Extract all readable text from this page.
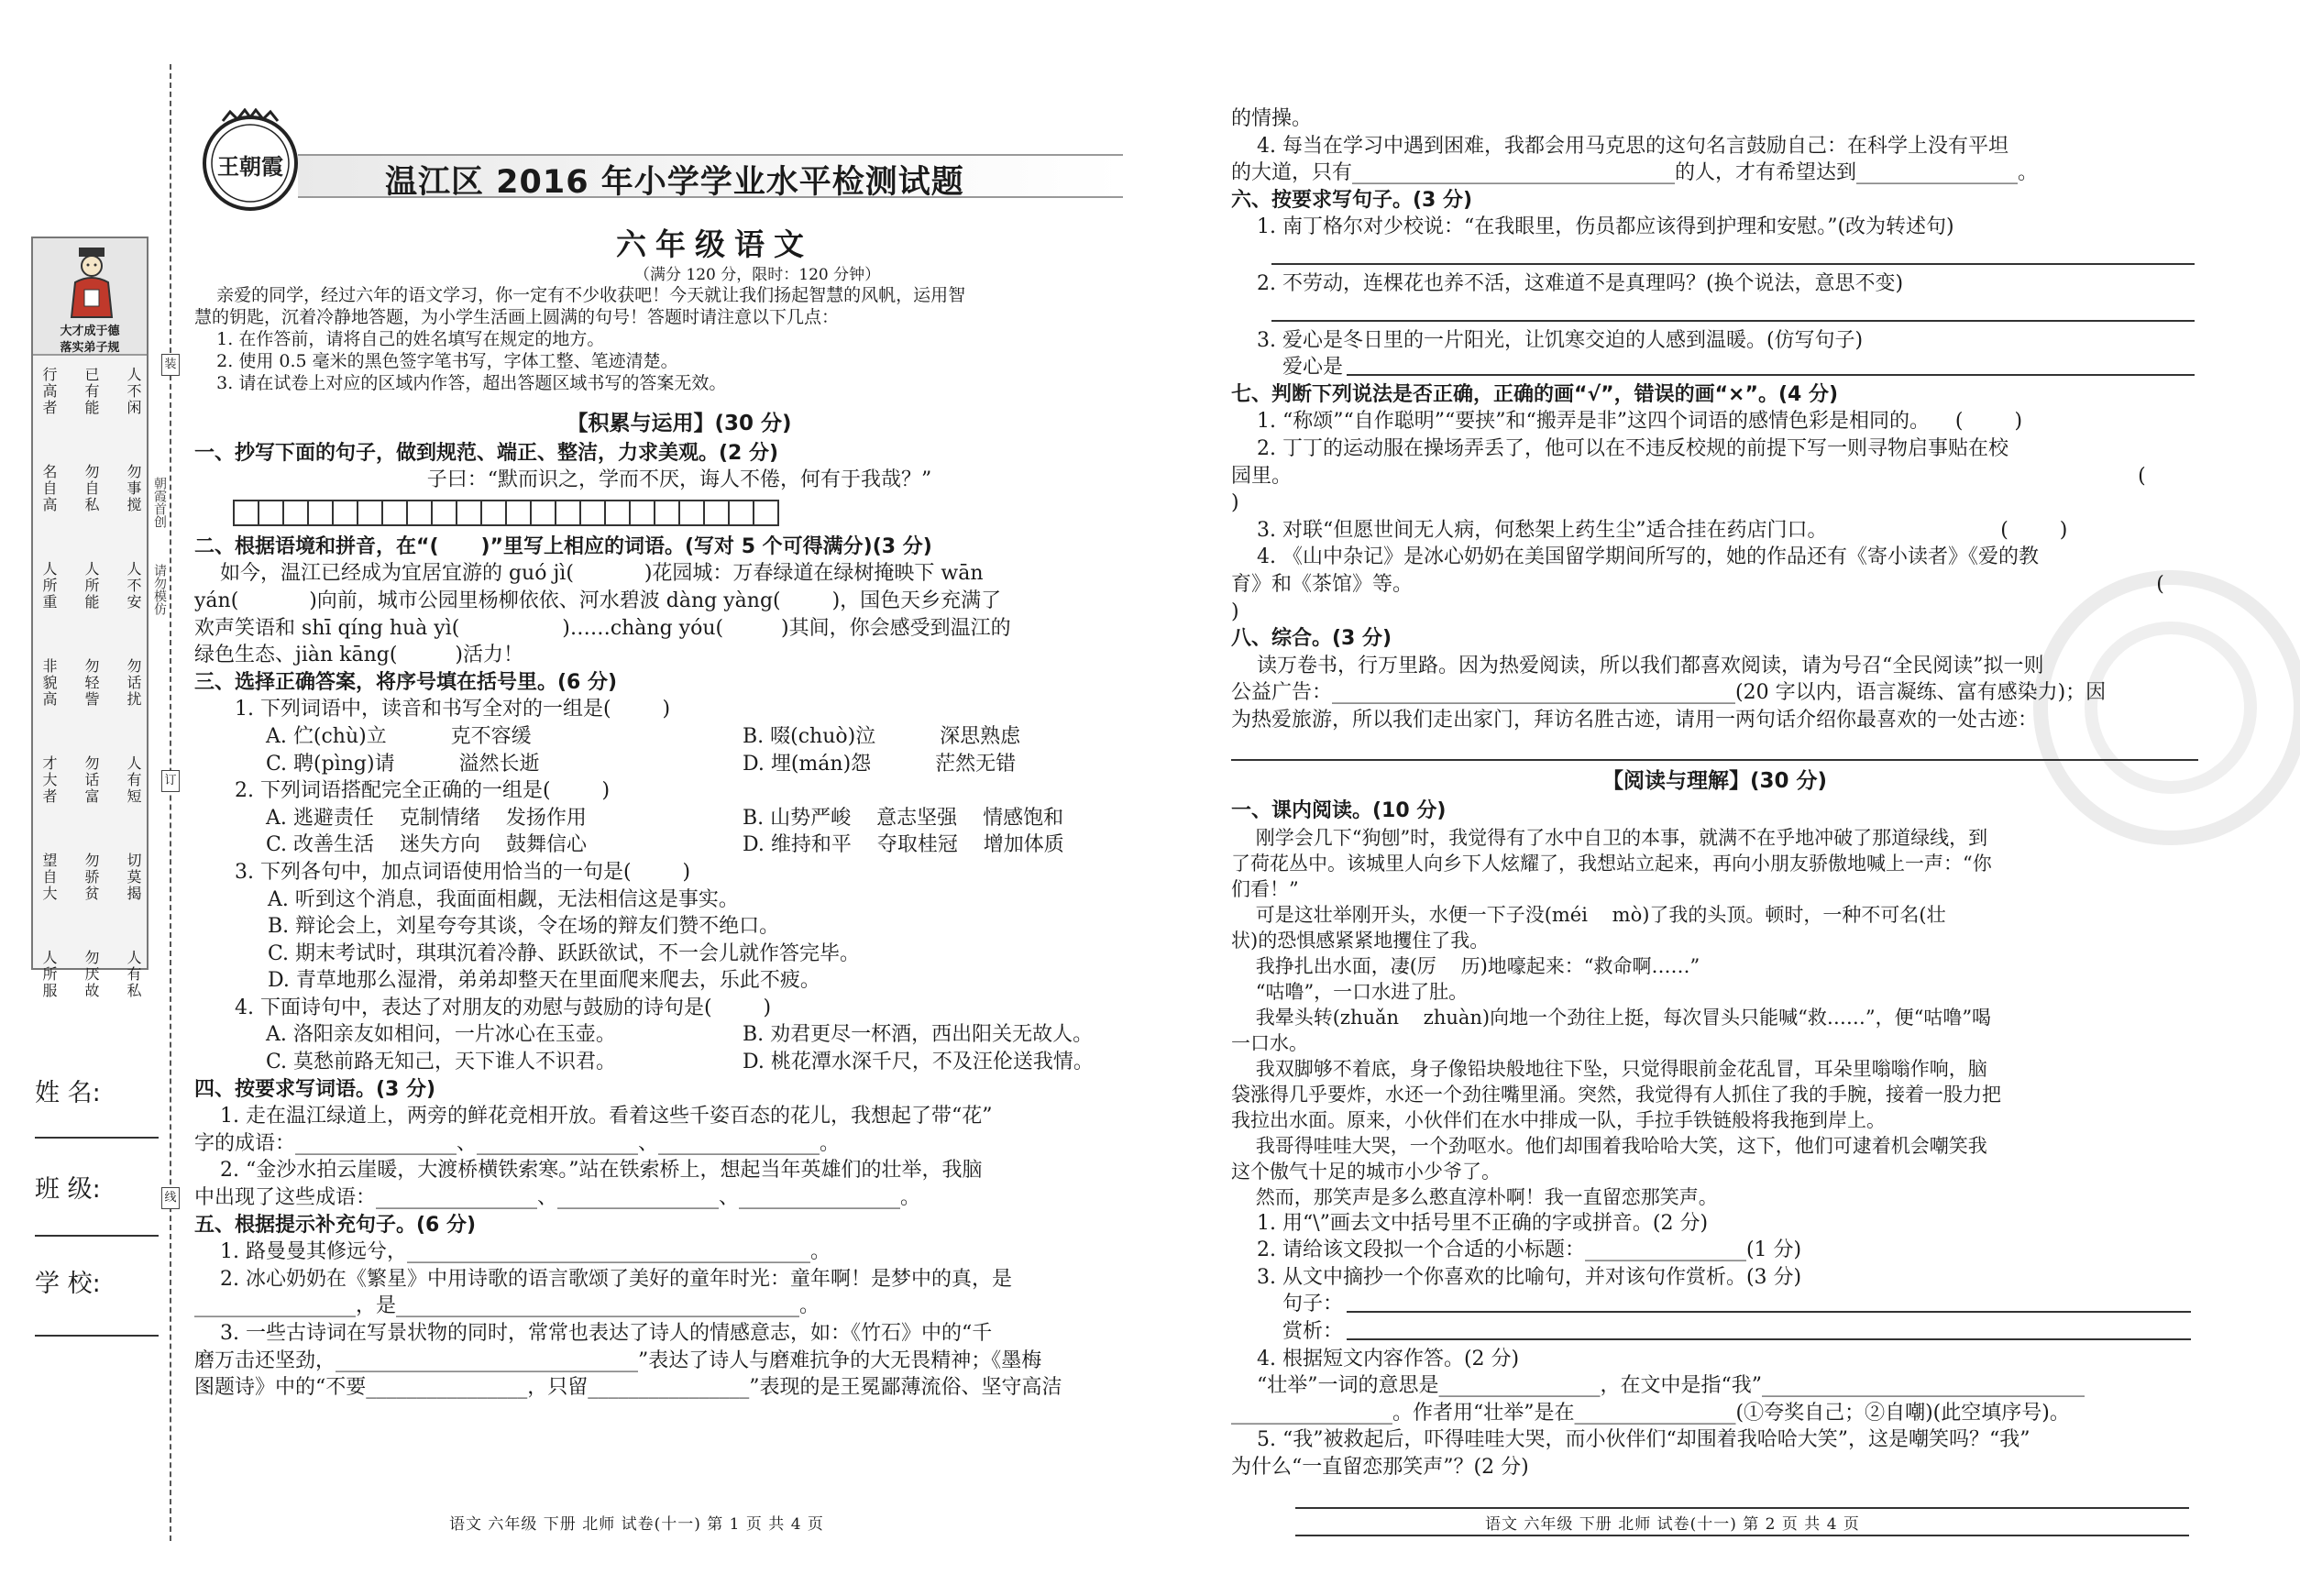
大才成于德
落实弟子规
人不闲
已有能
行高者
勿事搅
勿自私
名自高
人不安
人所能
人所重
勿话扰
勿轻訾
非貌高
人有短
勿话富
才大者
切莫揭
勿骄贫
望自大
人有私
勿厌故
人所服
朝霞首创
请勿模仿
装
订
线
姓 名:
班 级:
学 校:
王朝霞	温江区 2016 年小学学业水平检测试题
六年级语文
（满分 120 分，限时：120 分钟）
亲爱的同学，经过六年的语文学习，你一定有不少收获吧！今天就让我们扬起智慧的风帆，运用智
慧的钥匙，沉着冷静地答题，为小学生活画上圆满的句号！答题时请注意以下几点：
1. 在作答前，请将自己的姓名填写在规定的地方。
2. 使用 0.5 毫米的黑色签字笔书写，字体工整、笔迹清楚。
3. 请在试卷上对应的区域内作答，超出答题区域书写的答案无效。
【积累与运用】(30 分)
一、抄写下面的句子，做到规范、端正、整洁，力求美观。(2 分)
子曰：“默而识之，学而不厌，诲人不倦，何有于我哉？”
二、根据语境和拼音，在“(      )”里写上相应的词语。(写对 5 个可得满分)(3 分)
如今，温江已经成为宜居宜游的 guó jì(           )花园城：万春绿道在绿树掩映下 wān
yán(           )向前，城市公园里杨柳依依、河水碧波 dàng yàng(        )，国色天乡充满了
欢声笑语和 shī qíng huà yì(                )……chàng yóu(         )其间，你会感受到温江的
绿色生态、jiàn kāng(         )活力！
三、选择正确答案，将序号填在括号里。(6 分)
1. 下列词语中，读音和书写全对的一组是(        )
A. 伫(chù)立          克不容缓	B. 啜(chuò)泣          深思熟虑
C. 聘(pìng)请          溢然长逝	D. 埋(mán)怨          茫然无错
2. 下列词语搭配完全正确的一组是(        )
A. 逃避责任    克制情绪    发扬作用	B. 山势严峻    意志坚强    情感饱和
C. 改善生活    迷失方向    鼓舞信心	D. 维持和平    夺取桂冠    增加体质
3. 下列各句中，加点词语使用恰当的一句是(        )
A. 听到这个消息，我面面相觑，无法相信这是事实。
B. 辩论会上，刘星夸夸其谈，令在场的辩友们赞不绝口。
C. 期末考试时，琪琪沉着冷静、跃跃欲试，不一会儿就作答完毕。
D. 青草地那么湿滑，弟弟却整天在里面爬来爬去，乐此不疲。
4. 下面诗句中，表达了对朋友的劝慰与鼓励的诗句是(        )
A. 洛阳亲友如相问，一片冰心在玉壶。	B. 劝君更尽一杯酒，西出阳关无故人。
C. 莫愁前路无知己，天下谁人不识君。	D. 桃花潭水深千尺，不及汪伦送我情。
四、按要求写词语。(3 分)
1. 走在温江绿道上，两旁的鲜花竞相开放。看着这些千姿百态的花儿，我想起了带“花”
字的成语：________________、________________、________________。
2. “金沙水拍云崖暖，大渡桥横铁索寒。”站在铁索桥上，想起当年英雄们的壮举，我脑
中出现了这些成语：________________、________________、________________。
五、根据提示补充句子。(6 分)
1. 路曼曼其修远兮，________________________________________。
2. 冰心奶奶在《繁星》中用诗歌的语言歌颂了美好的童年时光：童年啊！是梦中的真，是
________________，是________________________________________。
3. 一些古诗词在写景状物的同时，常常也表达了诗人的情感意志，如：《竹石》中的“千
磨万击还坚劲，______________________________”表达了诗人与磨难抗争的大无畏精神；《墨梅
图题诗》中的“不要________________，只留________________”表现的是王冕鄙薄流俗、坚守高洁
语文 六年级 下册 北师 试卷(十一) 第 1 页 共 4 页
的情操。
4. 每当在学习中遇到困难，我都会用马克思的这句名言鼓励自己：在科学上没有平坦
的大道，只有________________________________的人，才有希望达到________________。
六、按要求写句子。(3 分)
1. 南丁格尔对少校说：“在我眼里，伤员都应该得到护理和安慰。”(改为转述句)
2. 不劳动，连棵花也养不活，这难道不是真理吗？(换个说法，意思不变)
3. 爱心是冬日里的一片阳光，让饥寒交迫的人感到温暖。(仿写句子)
爱心是
七、判断下列说法是否正确，正确的画“√”，错误的画“×”。(4 分)
1. “称颂”“自作聪明”“要挟”和“搬弄是非”这四个词语的感情色彩是相同的。    (        )
2. 丁丁的运动服在操场弄丢了，他可以在不违反校规的前提下写一则寻物启事贴在校
园里。                                                                                                                                    (        )
3. 对联“但愿世间无人病，何愁架上药生尘”适合挂在药店门口。                           (        )
4. 《山中杂记》是冰心奶奶在美国留学期间所写的，她的作品还有《寄小读者》《爱的教
育》和《茶馆》等。                                                                                                                    (        )
八、综合。(3 分)
读万卷书，行万里路。因为热爱阅读，所以我们都喜欢阅读，请为号召“全民阅读”拟一则
公益广告：________________________________________(20 字以内，语言凝练、富有感染力)；因
为热爱旅游，所以我们走出家门，拜访名胜古迹，请用一两句话介绍你最喜欢的一处古迹：
【阅读与理解】(30 分)
一、课内阅读。(10 分)
刚学会几下“狗刨”时，我觉得有了水中自卫的本事，就满不在乎地冲破了那道绿线，到
了荷花丛中。该城里人向乡下人炫耀了，我想站立起来，再向小朋友骄傲地喊上一声：“你
们看！”
可是这壮举刚开头，水便一下子没(méi    mò)了我的头顶。顿时，一种不可名(壮
状)的恐惧感紧紧地攫住了我。
我挣扎出水面，凄(厉    历)地嚎起来：“救命啊……”
“咕噜”，一口水进了肚。
我晕头转(zhuǎn    zhuàn)向地一个劲往上挺，每次冒头只能喊“救……”，便“咕噜”喝
一口水。
我双脚够不着底，身子像铅块般地往下坠，只觉得眼前金花乱冒，耳朵里嗡嗡作响，脑
袋涨得几乎要炸，水还一个劲往嘴里涌。突然，我觉得有人抓住了我的手腕，接着一股力把
我拉出水面。原来，小伙伴们在水中排成一队，手拉手铁链般将我拖到岸上。
我哥得哇哇大哭，一个劲呕水。他们却围着我哈哈大笑，这下，他们可逮着机会嘲笑我
这个傲气十足的城市小少爷了。
然而，那笑声是多么憨直淳朴啊！我一直留恋那笑声。
1. 用“\”画去文中括号里不正确的字或拼音。(2 分)
2. 请给该文段拟一个合适的小标题：________________(1 分)
3. 从文中摘抄一个你喜欢的比喻句，并对该句作赏析。(3 分)
句子：
赏析：
4. 根据短文内容作答。(2 分)
“壮举”一词的意思是________________，在文中是指“我”________________________________
________________。作者用“壮举”是在________________(①夸奖自己；②自嘲)(此空填序号)。
5. “我”被救起后，吓得哇哇大哭，而小伙伴们“却围着我哈哈大笑”，这是嘲笑吗？“我”
为什么“一直留恋那笑声”？(2 分)
语文 六年级 下册 北师 试卷(十一) 第 2 页 共 4 页
